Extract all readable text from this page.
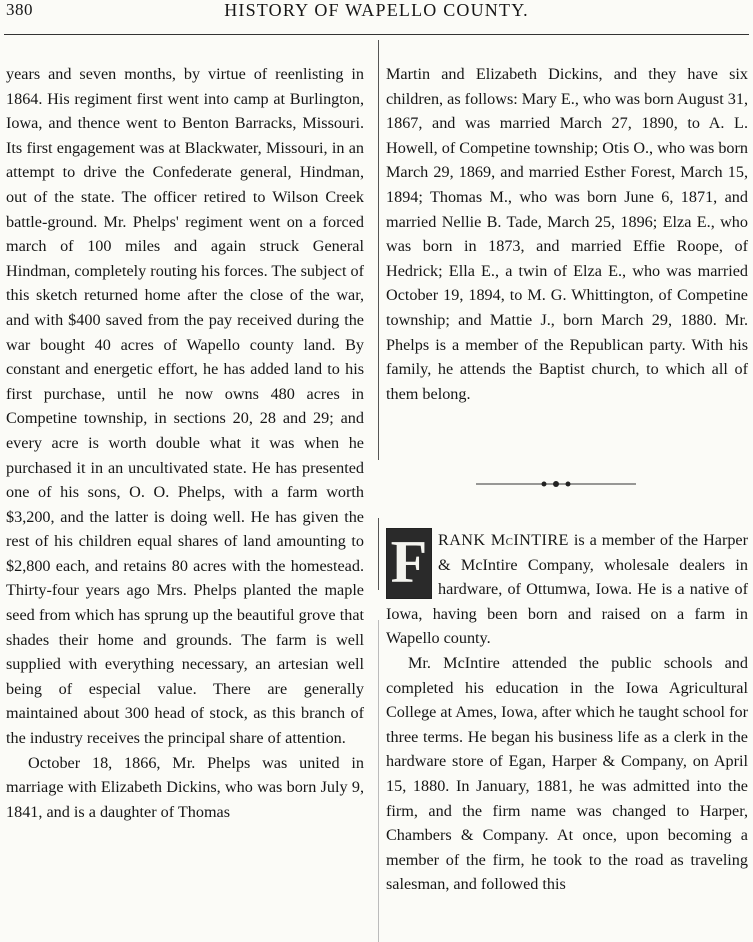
380	HISTORY OF WAPELLO COUNTY.

years and seven months, by virtue of reenlisting in 1864. His regiment first went into camp at Burlington, Iowa, and thence went to Benton Barracks, Missouri. Its first engagement was at Blackwater, Missouri, in an attempt to drive the Confederate general, Hindman, out of the state. The officer retired to Wilson Creek battle-ground. Mr. Phelps' regiment went on a forced march of 100 miles and again struck General Hindman, completely routing his forces. The subject of this sketch returned home after the close of the war, and with $400 saved from the pay received during the war bought 40 acres of Wapello county land. By constant and energetic effort, he has added land to his first purchase, until he now owns 480 acres in Competine township, in sections 20, 28 and 29; and every acre is worth double what it was when he purchased it in an uncultivated state. He has presented one of his sons, O. O. Phelps, with a farm worth $3,200, and the latter is doing well. He has given the rest of his children equal shares of land amounting to $2,800 each, and retains 80 acres with the homestead. Thirty-four years ago Mrs. Phelps planted the maple seed from which has sprung up the beautiful grove that shades their home and grounds. The farm is well supplied with everything necessary, an artesian well being of especial value. There are generally maintained about 300 head of stock, as this branch of the industry receives the principal share of attention.

October 18, 1866, Mr. Phelps was united in marriage with Elizabeth Dickins, who was born July 9, 1841, and is a daughter of Thomas

Martin and Elizabeth Dickins, and they have six children, as follows: Mary E., who was born August 31, 1867, and was married March 27, 1890, to A. L. Howell, of Competine township; Otis O., who was born March 29, 1869, and married Esther Forest, March 15, 1894; Thomas M., who was born June 6, 1871, and married Nellie B. Tade, March 25, 1896; Elza E., who was born in 1873, and married Effie Roope, of Hedrick; Ella E., a twin of Elza E., who was married October 19, 1894, to M. G. Whittington, of Competine township; and Mattie J., born March 29, 1880. Mr. Phelps is a member of the Republican party. With his family, he attends the Baptist church, to which all of them belong.

F RANK McINTIRE is a member of the Harper & McIntire Company, wholesale dealers in hardware, of Ottumwa, Iowa. He is a native of Iowa, having been born and raised on a farm in Wapello county.

Mr. McIntire attended the public schools and completed his education in the Iowa Agricultural College at Ames, Iowa, after which he taught school for three terms. He began his business life as a clerk in the hardware store of Egan, Harper & Company, on April 15, 1880. In January, 1881, he was admitted into the firm, and the firm name was changed to Harper, Chambers & Company. At once, upon becoming a member of the firm, he took to the road as traveling salesman, and followed this
